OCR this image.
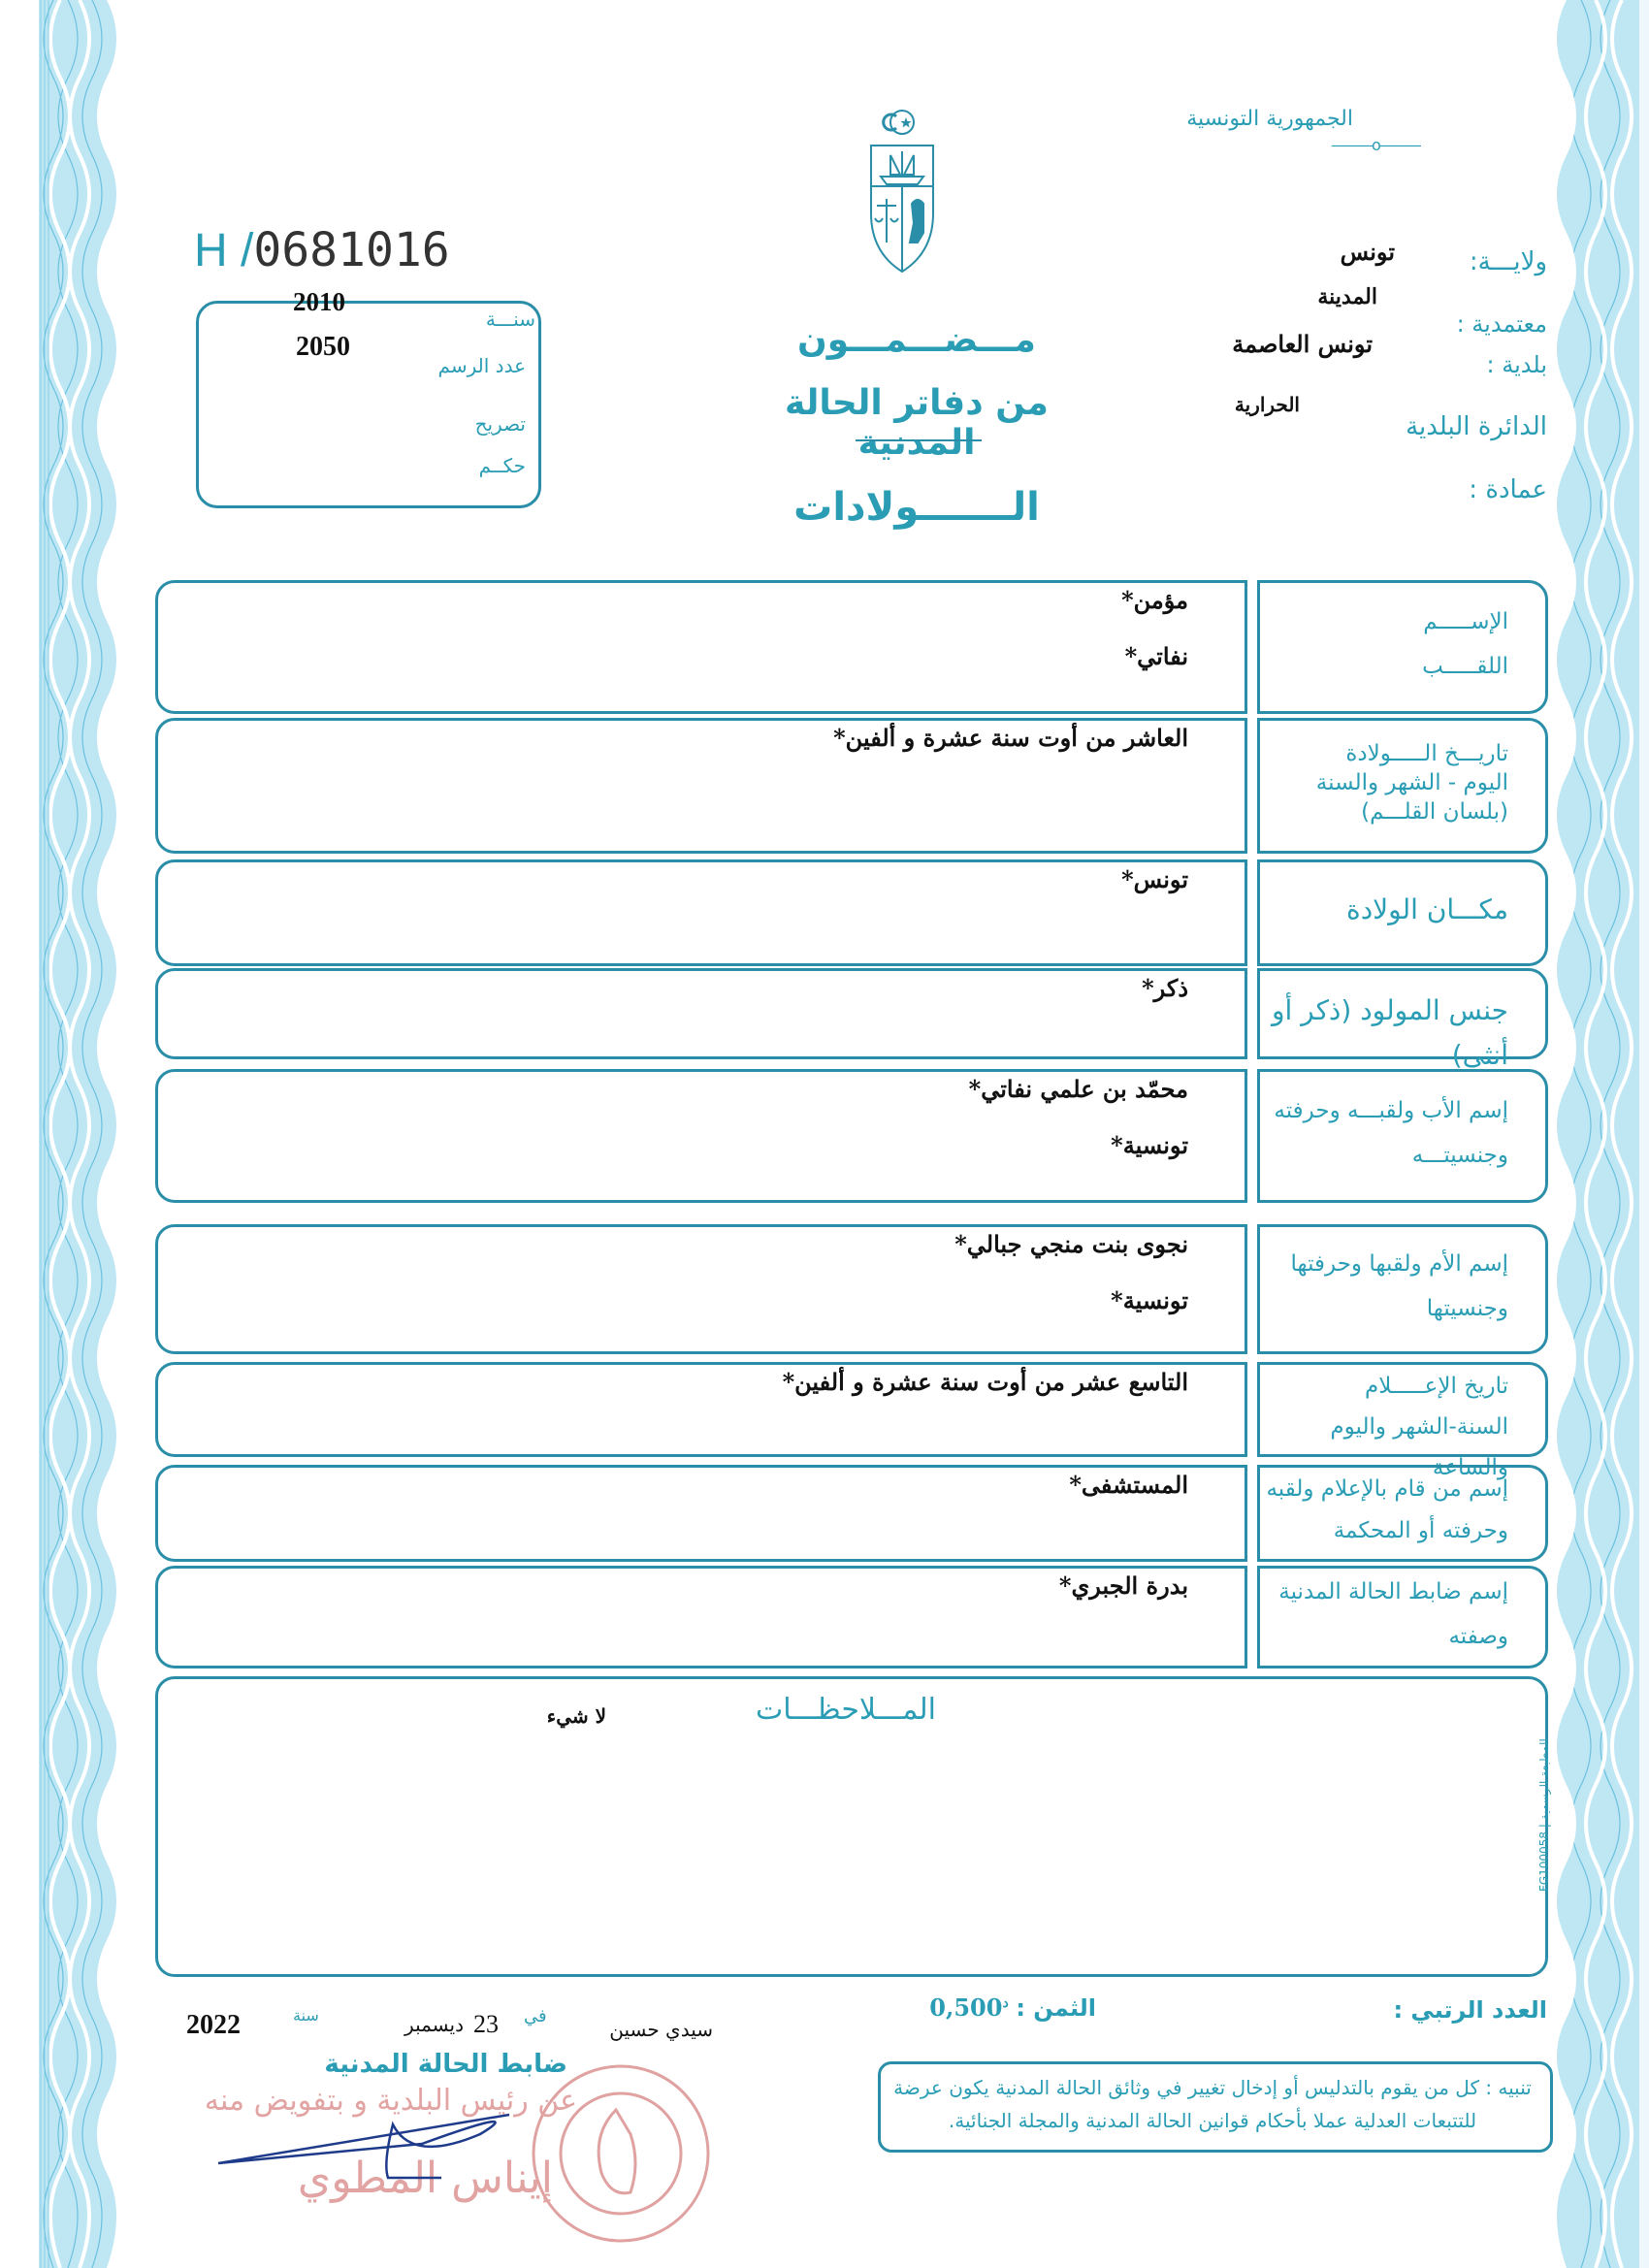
الجمهورية التونسية
———o———
H /0681016
2010
2050
سنـــة
عدد الرسم
تصريح
حكــم
مـــضـــمـــون
من دفاتر الحالة المدنية
الـــــــولادات
ولايـــة:
تونس
معتمدية :
المدينة
بلدية :
تونس العاصمة
الدائرة البلدية
الحرارية
عمادة :
الإســـــم
اللقـــــب
مؤمن*
نفاتي*
تاريـــخ الـــــولادة
اليوم - الشهر والسنة
(بلسان القلـــم)
العاشر من أوت سنة عشرة و ألفين*
مكـــان الولادة
تونس*
جنس المولود (ذكر أو أنثى)
ذكر*
إسم الأب ولقبـــه وحرفته
وجنسيتـــه
محمّد بن علمي نفاتي*
تونسية*
إسم الأم ولقبها وحرفتها
وجنسيتها
نجوى بنت منجي جبالي*
تونسية*
تاريخ الإعـــــلام
السنة-الشهر واليوم والساعة
التاسع عشر من أوت سنة عشرة و ألفين*
إسم من قام بالإعلام ولقبه
وحرفته أو المحكمة
المستشفى*
إسم ضابط الحالة المدنية
وصفته
بدرة الجبري*
المـــلاحظـــات
لا شيء
المطبعة الرسمية | FG100058
العدد الرتبي :
الثمن : $0,500^د$
سيدي حسين
في
23
ديسمبر
سنة
2022
ضابط الحالة المدنية
عن رئيس البلدية و بتفويض منه
إيناس المطوي
تنبيه : كل من يقوم بالتدليس أو إدخال تغيير في وثائق الحالة المدنية يكون عرضة للتتبعات العدلية عملا بأحكام قوانين الحالة المدنية والمجلة الجنائية.
